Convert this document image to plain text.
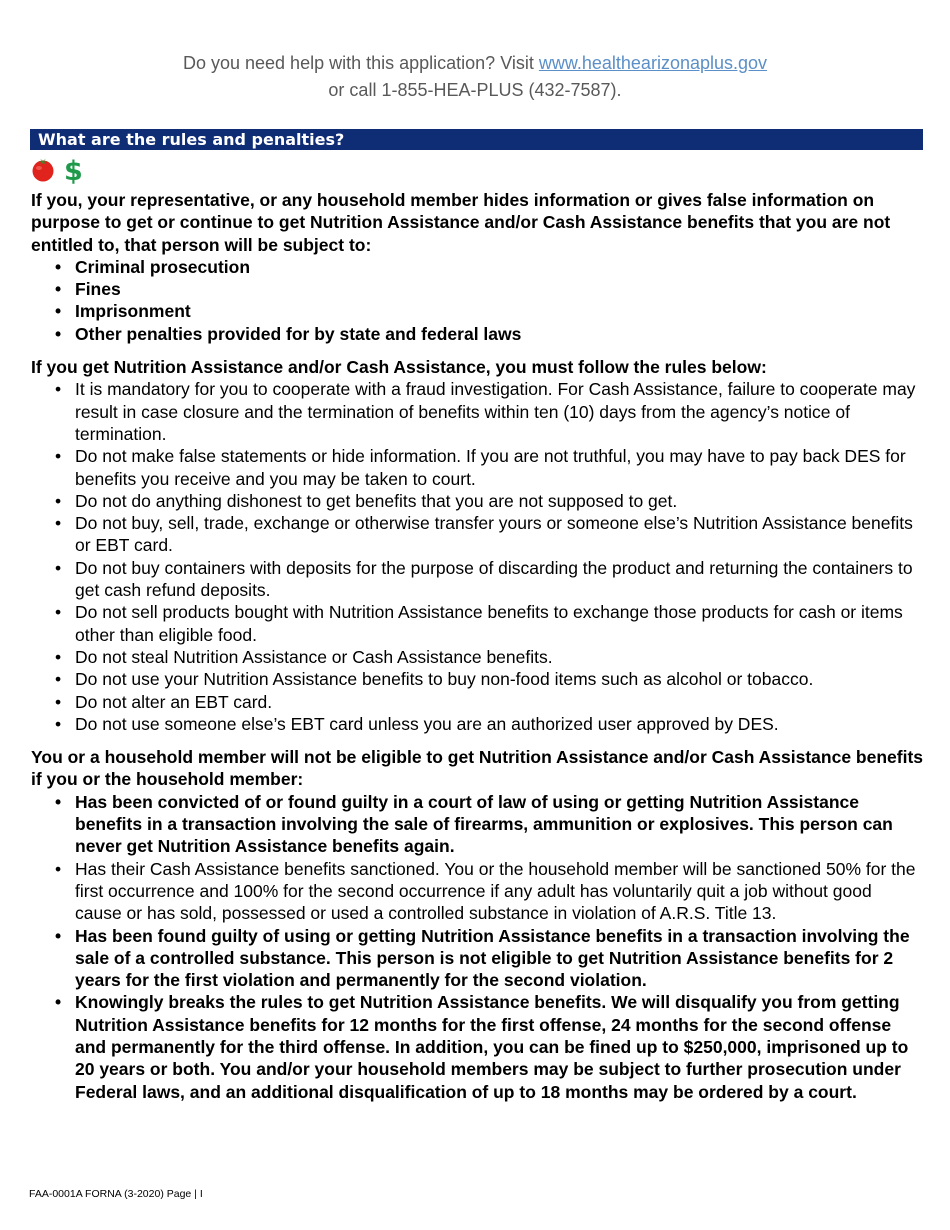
Do you need help with this application? Visit www.healthearizonaplus.gov
or call 1-855-HEA-PLUS (432-7587).
What are the rules and penalties?
$

If you, your representative, or any household member hides information or gives false information on purpose to get or continue to get Nutrition Assistance and/or Cash Assistance benefits that you are not entitled to, that person will be subject to:

• Criminal prosecution
• Fines
• Imprisonment
• Other penalties provided for by state and federal laws

If you get Nutrition Assistance and/or Cash Assistance, you must follow the rules below:

• It is mandatory for you to cooperate with a fraud investigation. For Cash Assistance, failure to cooperate may result in case closure and the termination of benefits within ten (10) days from the agency’s notice of termination.
• Do not make false statements or hide information. If you are not truthful, you may have to pay back DES for benefits you receive and you may be taken to court.
• Do not do anything dishonest to get benefits that you are not supposed to get.
• Do not buy, sell, trade, exchange or otherwise transfer yours or someone else’s Nutrition Assistance benefits or EBT card.
• Do not buy containers with deposits for the purpose of discarding the product and returning the containers to get cash refund deposits.
• Do not sell products bought with Nutrition Assistance benefits to exchange those products for cash or items other than eligible food.
• Do not steal Nutrition Assistance or Cash Assistance benefits.
• Do not use your Nutrition Assistance benefits to buy non-food items such as alcohol or tobacco.
• Do not alter an EBT card.
• Do not use someone else’s EBT card unless you are an authorized user approved by DES.

You or a household member will not be eligible to get Nutrition Assistance and/or Cash Assistance benefits if you or the household member:

• Has been convicted of or found guilty in a court of law of using or getting Nutrition Assistance benefits in a transaction involving the sale of firearms, ammunition or explosives. This person can never get Nutrition Assistance benefits again.
• Has their Cash Assistance benefits sanctioned. You or the household member will be sanctioned 50% for the first occurrence and 100% for the second occurrence if any adult has voluntarily quit a job without good cause or has sold, possessed or used a controlled substance in violation of A.R.S. Title 13.
• Has been found guilty of using or getting Nutrition Assistance benefits in a transaction involving the sale of a controlled substance. This person is not eligible to get Nutrition Assistance benefits for 2 years for the first violation and permanently for the second violation.
• Knowingly breaks the rules to get Nutrition Assistance benefits. We will disqualify you from getting Nutrition Assistance benefits for 12 months for the first offense, 24 months for the second offense and permanently for the third offense. In addition, you can be fined up to $250,000, imprisoned up to 20 years or both. You and/or your household members may be subject to further prosecution under Federal laws, and an additional disqualification of up to 18 months may be ordered by a court.
FAA-0001A FORNA (3-2020) Page | I
